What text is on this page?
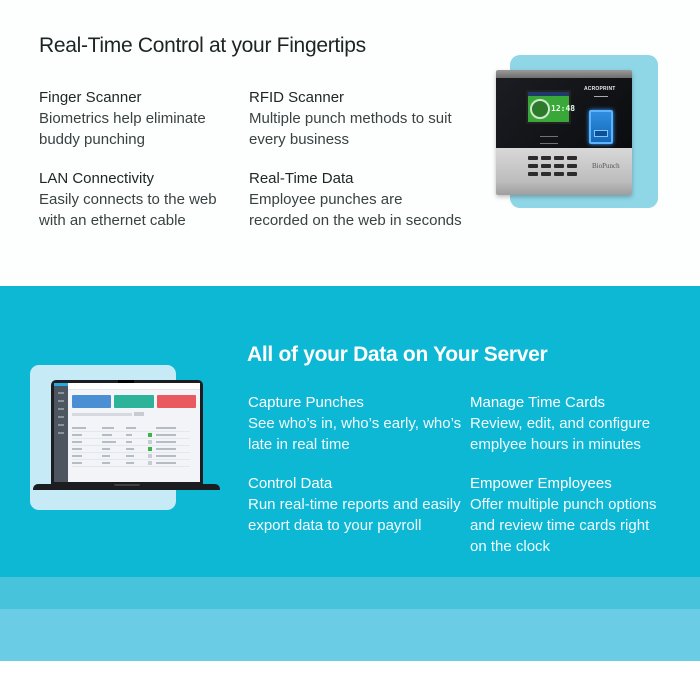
Real-Time Control at your Fingertips
Finger Scanner
Biometrics help eliminate
buddy punching
RFID Scanner
Multiple punch methods to suit
every business
LAN Connectivity
Easily connects to the web
with an ethernet cable
Real-Time Data
Employee punches are
recorded on the web in seconds
12:48
ACROPRINT
BioPunch
All of your Data on Your Server
Capture Punches
See who’s in, who’s early, who’s
late in real time
Manage Time Cards
Review, edit, and configure
emplyee hours in minutes
Control Data
Run real-time reports and easily
export data to your payroll
Empower Employees
Offer multiple punch options
and review time cards right
on the clock
